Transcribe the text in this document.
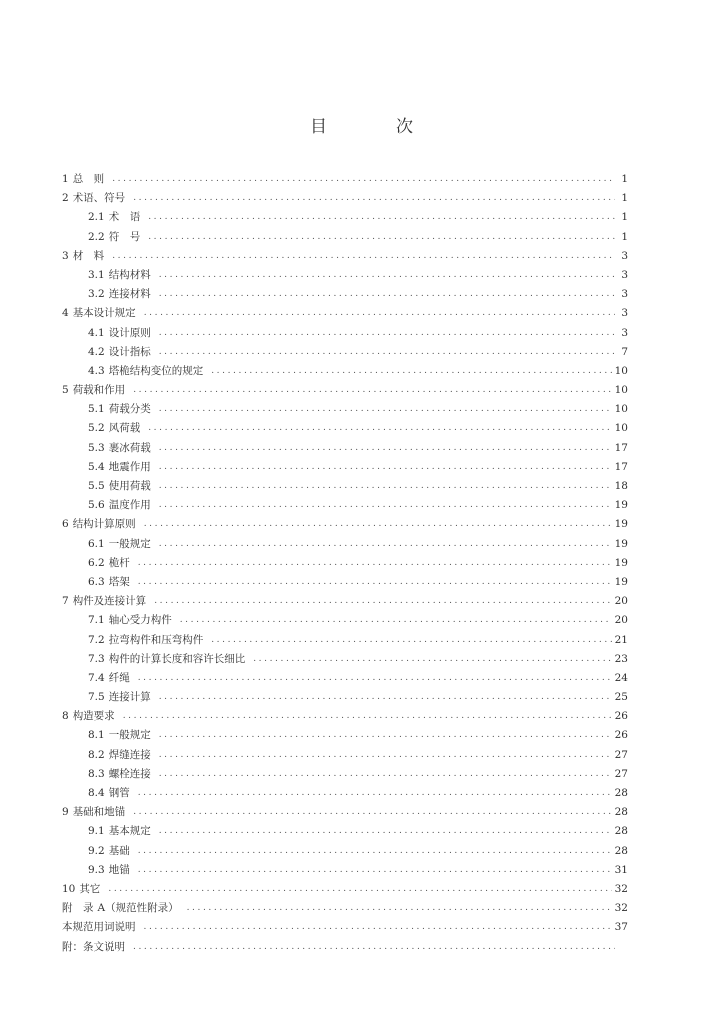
目　次
1 总　则 .....	1
2 术语、符号 .....	1
2.1 术　语 .....	1
2.2 符　号 .....	1
3 材　料 .....	3
3.1 结构材料 .....	3
3.2 连接材料 .....	3
4 基本设计规定 .....	3
4.1 设计原则 .....	3
4.2 设计指标 .....	7
4.3 塔桅结构变位的规定 .....	10
5 荷载和作用 .....	10
5.1 荷载分类 .....	10
5.2 风荷载 .....	10
5.3 裹冰荷载 .....	17
5.4 地震作用 .....	17
5.5 使用荷载 .....	18
5.6 温度作用 .....	19
6 结构计算原则 .....	19
6.1 一般规定 .....	19
6.2 桅杆 .....	19
6.3 塔架 .....	19
7 构件及连接计算 .....	20
7.1 轴心受力构件 .....	20
7.2 拉弯构件和压弯构件 .....	21
7.3 构件的计算长度和容许长细比 .....	23
7.4 纤绳 .....	24
7.5 连接计算 .....	25
8 构造要求 .....	26
8.1 一般规定 .....	26
8.2 焊缝连接 .....	27
8.3 螺栓连接 .....	27
8.4 钢管 .....	28
9 基础和地锚 .....	28
9.1 基本规定 .....	28
9.2 基础 .....	28
9.3 地锚 .....	31
10 其它 .....	32
附　录 A（规范性附录） .....	32
本规范用词说明 .....	37
附：条文说明
.....
